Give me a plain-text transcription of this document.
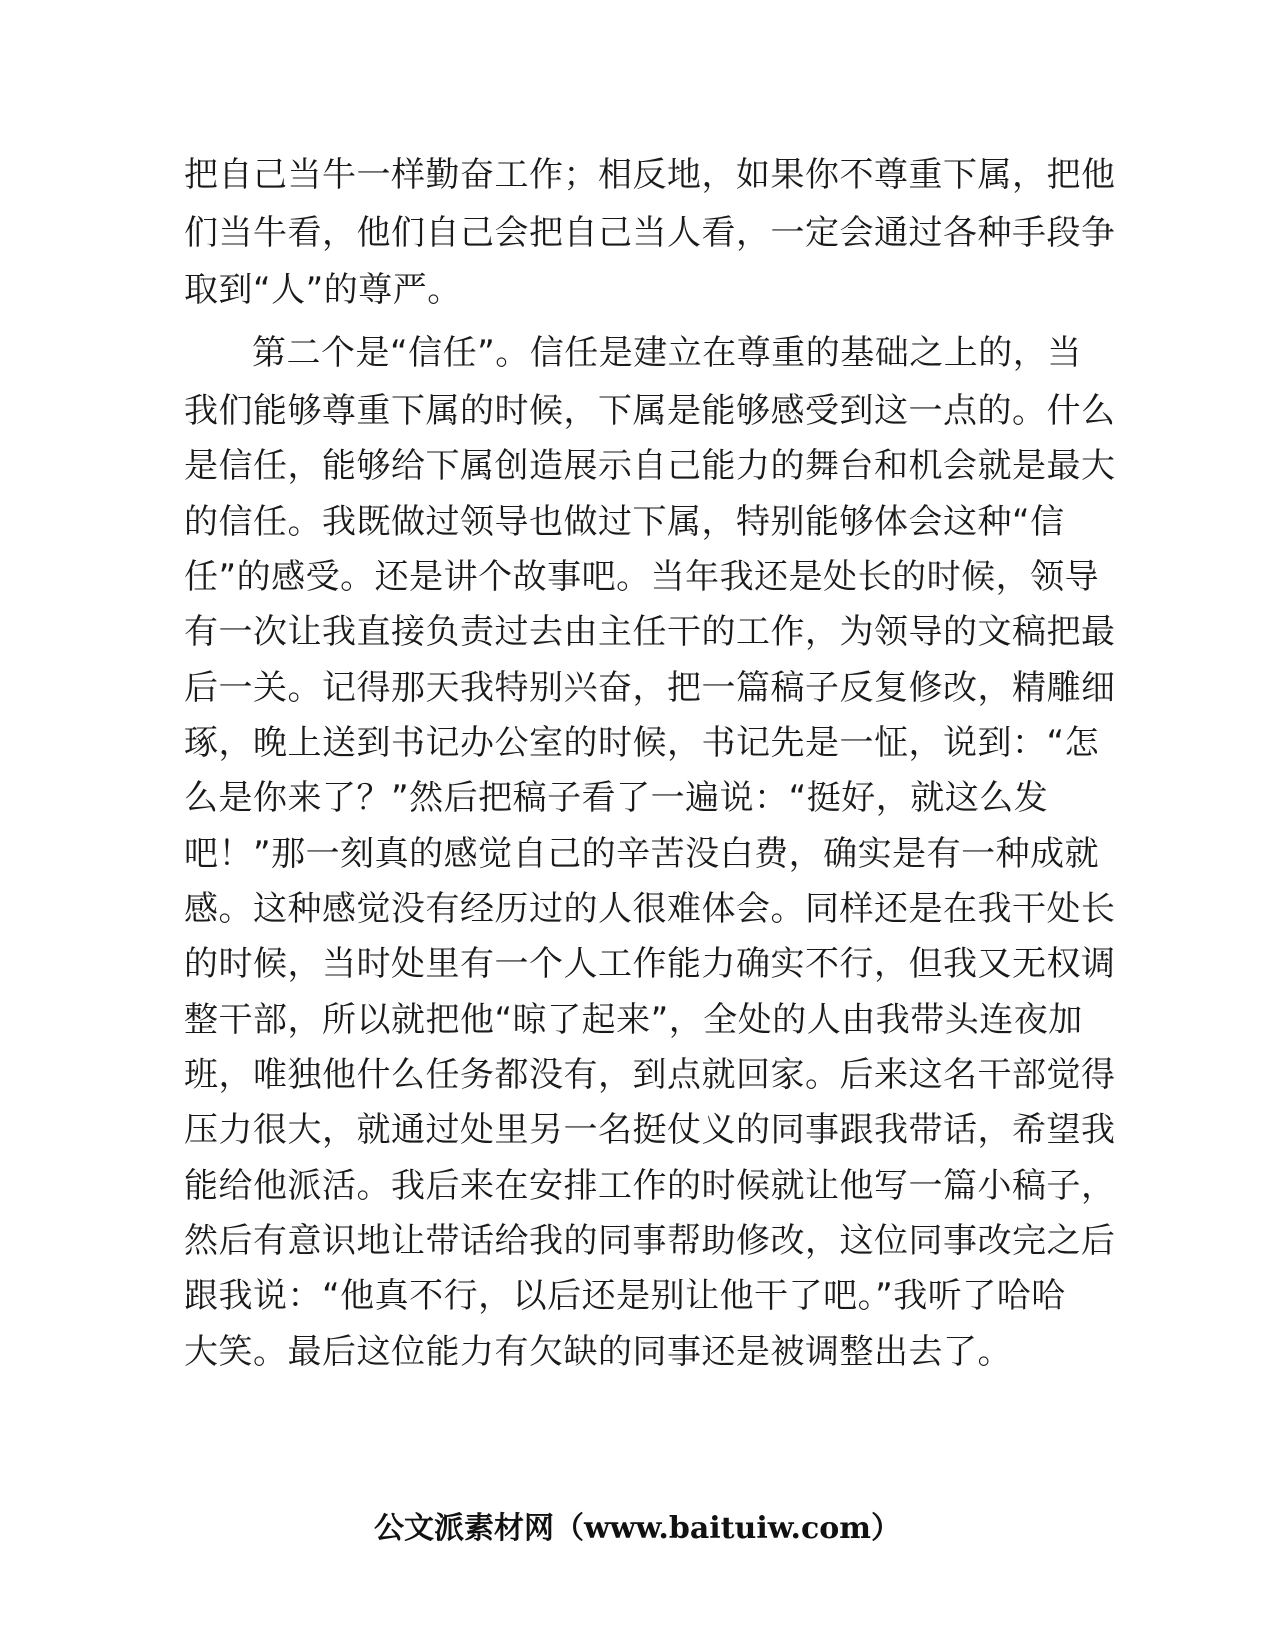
把自己当牛一样勤奋工作；相反地，如果你不尊重下属，把他
们当牛看，他们自己会把自己当人看，一定会通过各种手段争
取到“人”的尊严。
第二个是“信任”。信任是建立在尊重的基础之上的，当
我们能够尊重下属的时候，下属是能够感受到这一点的。什么
是信任，能够给下属创造展示自己能力的舞台和机会就是最大
的信任。我既做过领导也做过下属，特别能够体会这种“信
任”的感受。还是讲个故事吧。当年我还是处长的时候，领导
有一次让我直接负责过去由主任干的工作，为领导的文稿把最
后一关。记得那天我特别兴奋，把一篇稿子反复修改，精雕细
琢，晚上送到书记办公室的时候，书记先是一怔，说到：“怎
么是你来了？”然后把稿子看了一遍说：“挺好，就这么发
吧！”那一刻真的感觉自己的辛苦没白费，确实是有一种成就
感。这种感觉没有经历过的人很难体会。同样还是在我干处长
的时候，当时处里有一个人工作能力确实不行，但我又无权调
整干部，所以就把他“晾了起来”，全处的人由我带头连夜加
班，唯独他什么任务都没有，到点就回家。后来这名干部觉得
压力很大，就通过处里另一名挺仗义的同事跟我带话，希望我
能给他派活。我后来在安排工作的时候就让他写一篇小稿子，
然后有意识地让带话给我的同事帮助修改，这位同事改完之后
跟我说：“他真不行，以后还是别让他干了吧。”我听了哈哈
大笑。最后这位能力有欠缺的同事还是被调整出去了。
公文派素材网（www.baituiw.com）
